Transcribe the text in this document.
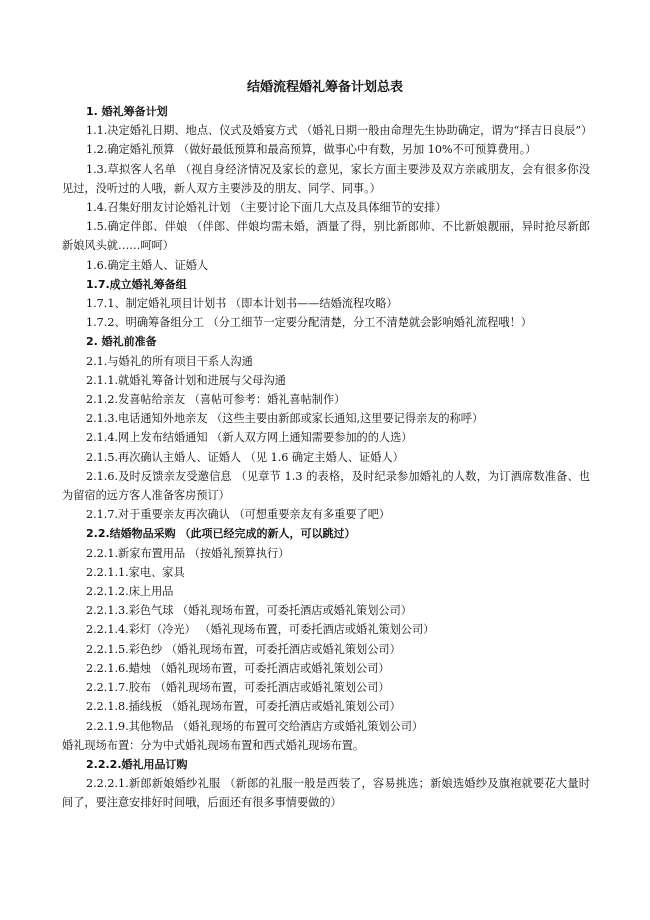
结婚流程婚礼筹备计划总表

1. 婚礼筹备计划

1.1.决定婚礼日期、地点、仪式及婚宴方式 （婚礼日期一般由命理先生协助确定，谓为“择吉日良辰”）

1.2.确定婚礼预算 （做好最低预算和最高预算，做事心中有数，另加 10%不可预算费用。）

1.3.草拟客人名单 （视自身经济情况及家长的意见，家长方面主要涉及双方亲戚朋友，会有很多你没见过，没听过的人哦，新人双方主要涉及的朋友、同学、同事。）

1.4.召集好朋友讨论婚礼计划 （主要讨论下面几大点及具体细节的安排）

1.5.确定伴郎、伴娘 （伴郎、伴娘均需未婚，酒量了得，别比新郎帅、不比新娘靓丽，异时抢尽新郎新娘风头就……呵呵）

1.6.确定主婚人、证婚人

1.7.成立婚礼筹备组

1.7.1、制定婚礼项目计划书 （即本计划书——结婚流程攻略）

1.7.2、明确筹备组分工 （分工细节一定要分配清楚，分工不清楚就会影响婚礼流程哦！）

2. 婚礼前准备

2.1.与婚礼的所有项目干系人沟通

2.1.1.就婚礼筹备计划和进展与父母沟通

2.1.2.发喜帖给亲友 （喜帖可参考：婚礼喜帖制作）

2.1.3.电话通知外地亲友 （这些主要由新郎或家长通知,这里要记得亲友的称呼）

2.1.4.网上发布结婚通知 （新人双方网上通知需要参加的的人选）

2.1.5.再次确认主婚人、证婚人 （见 1.6 确定主婚人、证婚人）

2.1.6.及时反馈亲友受邀信息 （见章节 1.3 的表格，及时纪录参加婚礼的人数，为订酒席数准备、也为留宿的远方客人准备客房预订）

2.1.7.对于重要亲友再次确认 （可想重要亲友有多重要了吧）

2.2.结婚物品采购 （此项已经完成的新人，可以跳过）

2.2.1.新家布置用品 （按婚礼预算执行）

2.2.1.1.家电、家具

2.2.1.2.床上用品

2.2.1.3.彩色气球 （婚礼现场布置，可委托酒店或婚礼策划公司）

2.2.1.4.彩灯（冷光） （婚礼现场布置，可委托酒店或婚礼策划公司）

2.2.1.5.彩色纱 （婚礼现场布置，可委托酒店或婚礼策划公司）

2.2.1.6.蜡烛 （婚礼现场布置，可委托酒店或婚礼策划公司）

2.2.1.7.胶布 （婚礼现场布置，可委托酒店或婚礼策划公司）

2.2.1.8.插线板 （婚礼现场布置，可委托酒店或婚礼策划公司）

2.2.1.9.其他物品 （婚礼现场的布置可交给酒店方或婚礼策划公司）

婚礼现场布置：分为中式婚礼现场布置和西式婚礼现场布置。

2.2.2.婚礼用品订购

2.2.2.1.新郎新娘婚纱礼服 （新郎的礼服一般是西装了，容易挑选；新娘选婚纱及旗袍就要花大量时间了，要注意安排好时间哦，后面还有很多事情要做的）
